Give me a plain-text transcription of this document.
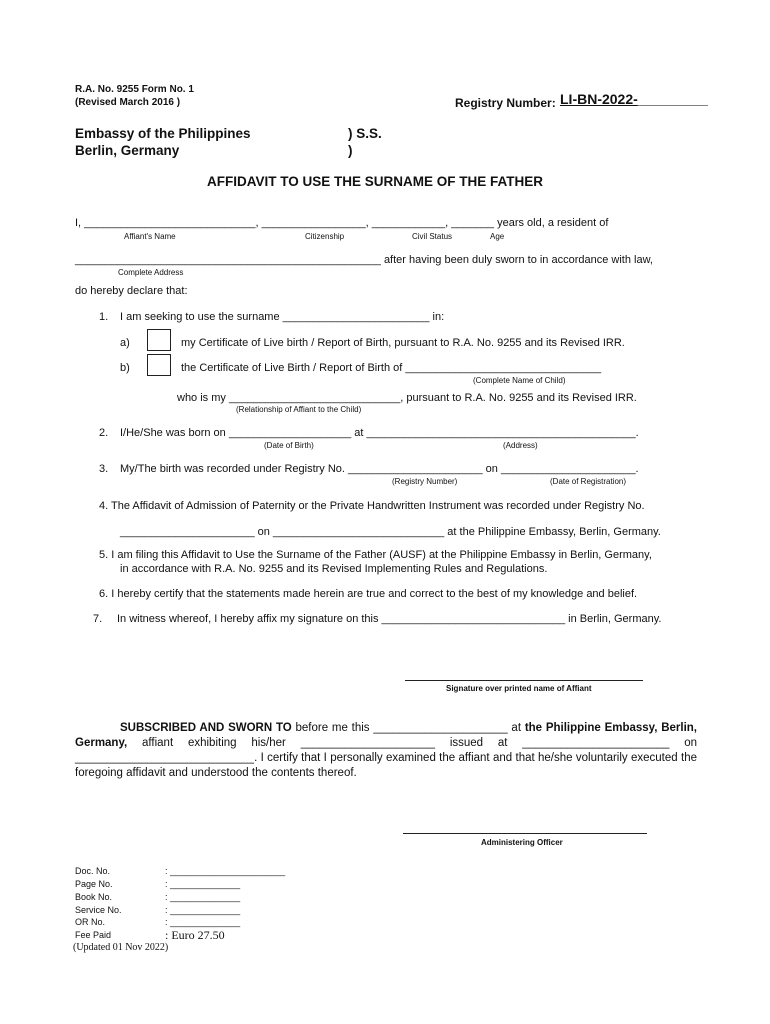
R.A. No. 9255 Form No. 1
(Revised March 2016 )	Registry Number: LI-BN-2022-_________
Embassy of the Philippines
Berlin, Germany
) S.S.
)
AFFIDAVIT TO USE THE SURNAME OF THE FATHER
I, ____________________________, _________________, ____________, _______ years old, a resident of
Affiant's Name	Citizenship	Civil Status	Age
__________________________________________________ after having been duly sworn to in accordance with law,
Complete Address
do hereby declare that:
1. I am seeking to use the surname ________________________ in:
a)	my Certificate of Live birth / Report of Birth, pursuant to R.A. No. 9255 and its Revised IRR.
b)	the Certificate of Live Birth / Report of Birth of ________________________________
(Complete Name of Child)
who is my ____________________________, pursuant to R.A. No. 9255 and its Revised IRR.
(Relationship of Affiant to the Child)
2. I/He/She was born on ____________________ at ____________________________________________.
(Date of Birth)	(Address)
3. My/The birth was recorded under Registry No. ______________________ on ______________________.
(Registry Number)	(Date of Registration)
4. The Affidavit of Admission of Paternity or the Private Handwritten Instrument was recorded under Registry No.
______________________ on ____________________________ at the Philippine Embassy, Berlin, Germany.
5. I am filing this Affidavit to Use the Surname of the Father (AUSF) at the Philippine Embassy in Berlin, Germany,
in accordance with R.A. No. 9255 and its Revised Implementing Rules and Regulations.
6. I hereby certify that the statements made herein are true and correct to the best of my knowledge and belief.
7. In witness whereof, I hereby affix my signature on this ______________________________ in Berlin, Germany.
Signature over printed name of Affiant
SUBSCRIBED AND SWORN TO before me this _____________________ at the Philippine Embassy, Berlin, Germany, affiant exhibiting his/her _____________________ issued at _______________________ on ____________________________. I certify that I personally examined the affiant and that he/she voluntarily executed the foregoing affidavit and understood the contents thereof.
Administering Officer
Doc. No.	: _______________________
Page No.	: ______________
Book No.	: ______________
Service No.	: ______________
OR No.	: ______________
Fee Paid	: Euro 27.50
(Updated 01 Nov 2022)
